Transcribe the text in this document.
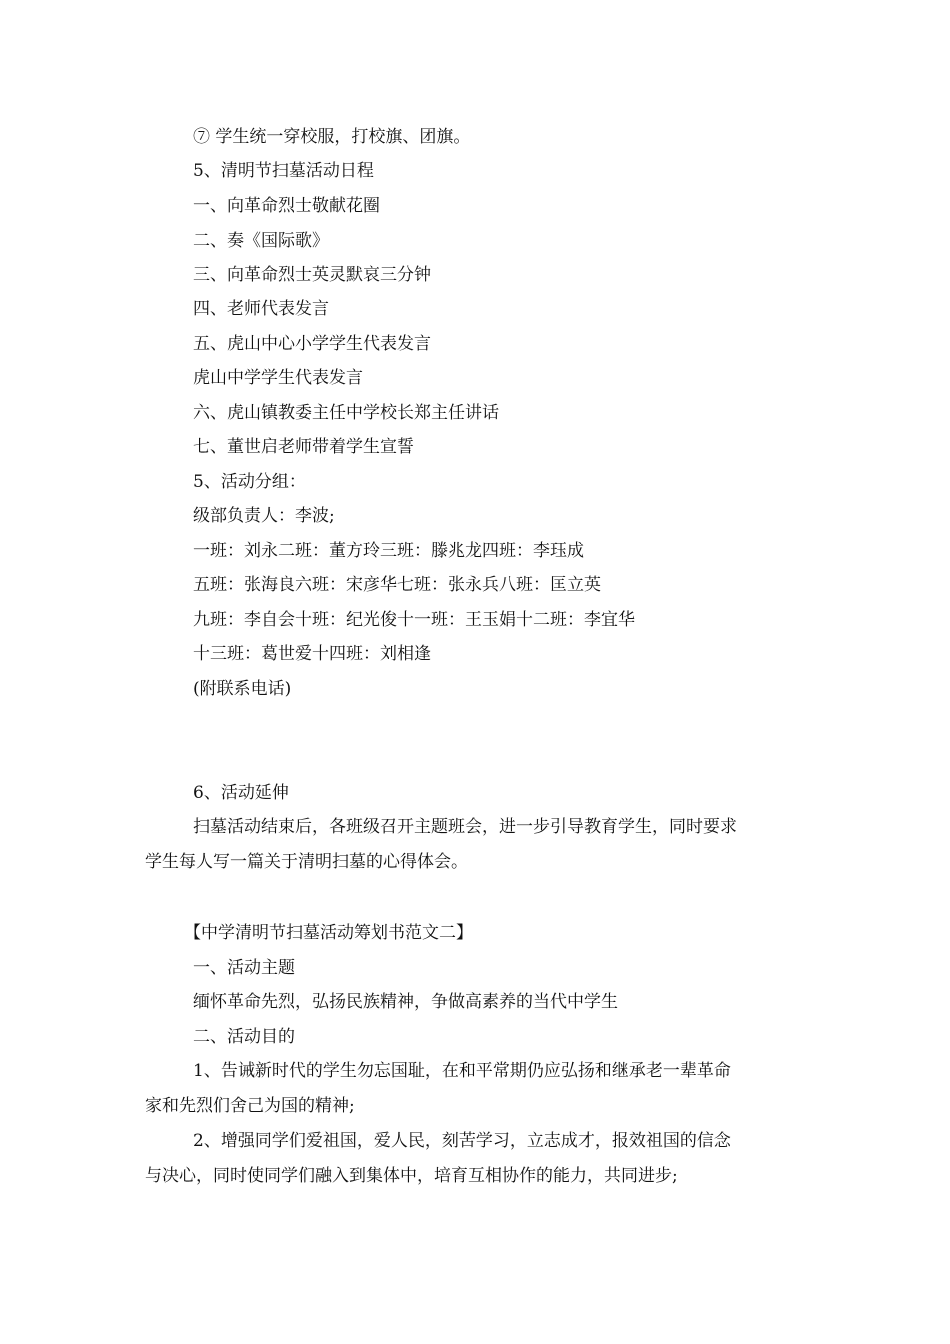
⑦ 学生统一穿校服，打校旗、团旗。
5、清明节扫墓活动日程
一、向革命烈士敬献花圈
二、奏《国际歌》
三、向革命烈士英灵默哀三分钟
四、老师代表发言
五、虎山中心小学学生代表发言
虎山中学学生代表发言
六、虎山镇教委主任中学校长郑主任讲话
七、董世启老师带着学生宣誓
5、活动分组：
级部负责人：李波;
一班：刘永二班：董方玲三班：滕兆龙四班：李珏成
五班：张海良六班：宋彦华七班：张永兵八班：匡立英
九班：李自会十班：纪光俊十一班：王玉娟十二班：李宜华
十三班：葛世爱十四班：刘相逢
(附联系电话)
6、活动延伸
扫墓活动结束后，各班级召开主题班会，进一步引导教育学生，同时要求
学生每人写一篇关于清明扫墓的心得体会。
【中学清明节扫墓活动筹划书范文二】
一、活动主题
缅怀革命先烈，弘扬民族精神，争做高素养的当代中学生
二、活动目的
1、告诫新时代的学生勿忘国耻，在和平常期仍应弘扬和继承老一辈革命
家和先烈们舍己为国的精神;
2、增强同学们爱祖国，爱人民，刻苦学习，立志成才，报效祖国的信念
与决心，同时使同学们融入到集体中，培育互相协作的能力，共同进步;
